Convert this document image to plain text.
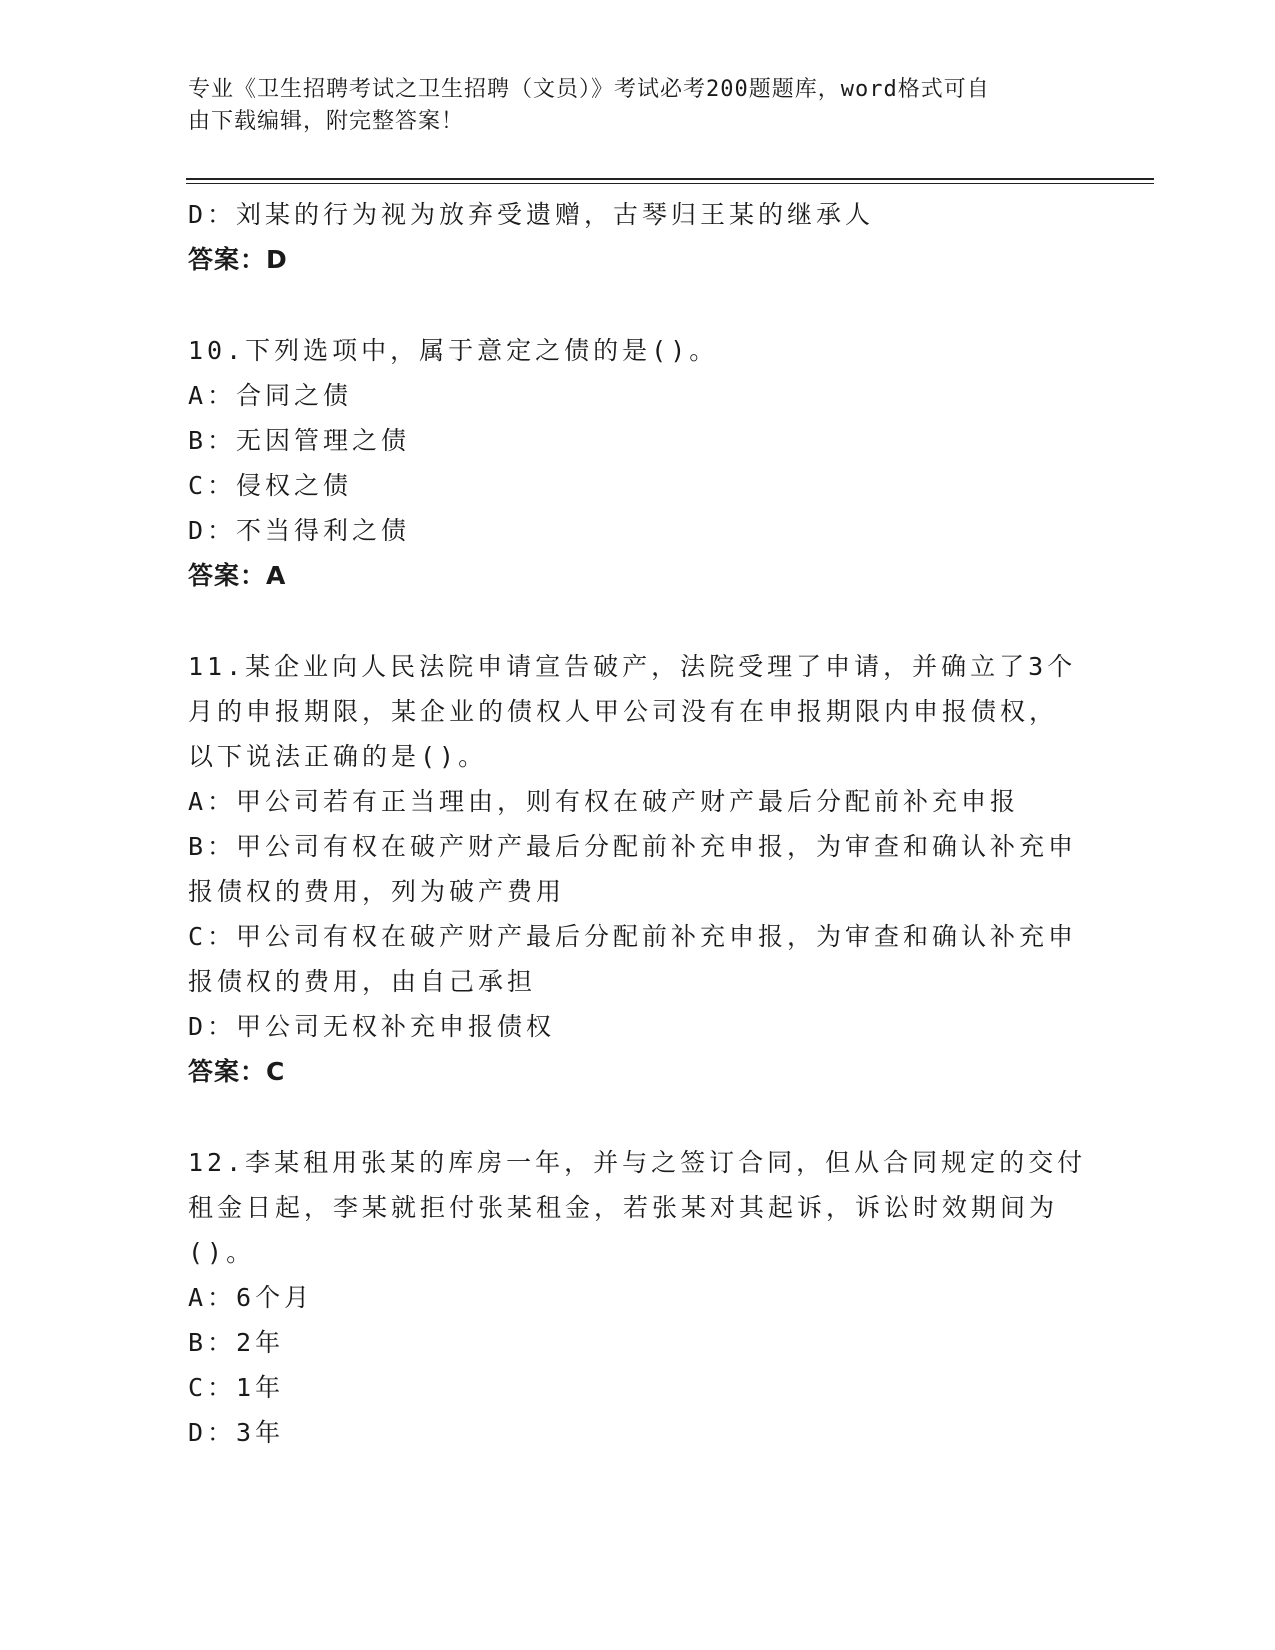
专业《卫生招聘考试之卫生招聘（文员）》考试必考200题题库，word格式可自
由下载编辑，附完整答案！
D：刘某的行为视为放弃受遗赠，古琴归王某的继承人
答案：D
10.下列选项中，属于意定之债的是()。
A：合同之债
B：无因管理之债
C：侵权之债
D：不当得利之债
答案：A
11.某企业向人民法院申请宣告破产，法院受理了申请，并确立了3个
月的申报期限，某企业的债权人甲公司没有在申报期限内申报债权，
以下说法正确的是()。
A：甲公司若有正当理由，则有权在破产财产最后分配前补充申报
B：甲公司有权在破产财产最后分配前补充申报，为审查和确认补充申
报债权的费用，列为破产费用
C：甲公司有权在破产财产最后分配前补充申报，为审查和确认补充申
报债权的费用，由自己承担
D：甲公司无权补充申报债权
答案：C
12.李某租用张某的库房一年，并与之签订合同，但从合同规定的交付
租金日起，李某就拒付张某租金，若张某对其起诉，诉讼时效期间为
()。
A：6个月
B：2年
C：1年
D：3年
